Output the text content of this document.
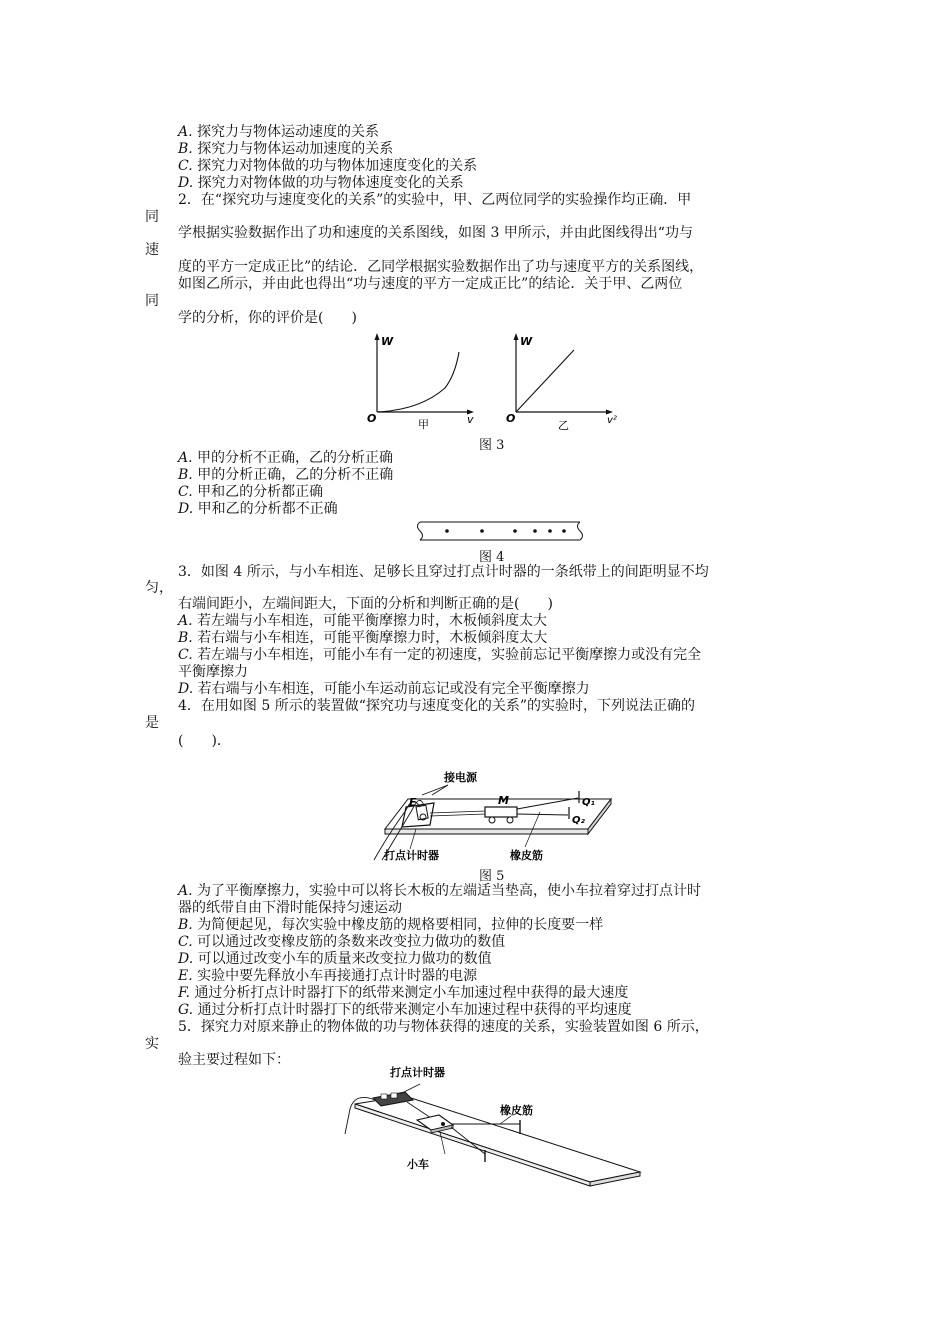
A. 探究力与物体运动速度的关系
B. 探究力与物体运动加速度的关系
C. 探究力对物体做的功与物体加速度变化的关系
D. 探究力对物体做的功与物体速度变化的关系
2．在“探究功与速度变化的关系”的实验中，甲、乙两位同学的实验操作均正确．甲
同
学根据实验数据作出了功和速度的关系图线，如图 3 甲所示，并由此图线得出“功与
速
度的平方一定成正比”的结论．乙同学根据实验数据作出了功与速度平方的关系图线，
如图乙所示，并由此也得出“功与速度的平方一定成正比”的结论．关于甲、乙两位
同
学的分析，你的评价是(　　)
W
O	v
甲
W
O	v²
乙
图 3
A. 甲的分析不正确，乙的分析正确
B. 甲的分析正确，乙的分析不正确
C. 甲和乙的分析都正确
D. 甲和乙的分析都不正确
图 4
3．如图 4 所示，与小车相连、足够长且穿过打点计时器的一条纸带上的间距明显不均
匀，
右端间距小，左端间距大，下面的分析和判断正确的是(　　)
A. 若左端与小车相连，可能平衡摩擦力时，木板倾斜度太大
B. 若右端与小车相连，可能平衡摩擦力时，木板倾斜度太大
C. 若左端与小车相连，可能小车有一定的初速度，实验前忘记平衡摩擦力或没有完全
平衡摩擦力
D. 若右端与小车相连，可能小车运动前忘记或没有完全平衡摩擦力
4．在用如图 5 所示的装置做“探究功与速度变化的关系”的实验时，下列说法正确的
是
(　　)．
接电源
E	M	Q₁
Q₂
打点计时器	橡皮筋
图 5
A. 为了平衡摩擦力，实验中可以将长木板的左端适当垫高，使小车拉着穿过打点计时
器的纸带自由下滑时能保持匀速运动
B. 为简便起见，每次实验中橡皮筋的规格要相同，拉伸的长度要一样
C. 可以通过改变橡皮筋的条数来改变拉力做功的数值
D. 可以通过改变小车的质量来改变拉力做功的数值
E. 实验中要先释放小车再接通打点计时器的电源
F. 通过分析打点计时器打下的纸带来测定小车加速过程中获得的最大速度
G. 通过分析打点计时器打下的纸带来测定小车加速过程中获得的平均速度
5．探究力对原来静止的物体做的功与物体获得的速度的关系，实验装置如图 6 所示，
实
验主要过程如下：
打点计时器
橡皮筋
小车
